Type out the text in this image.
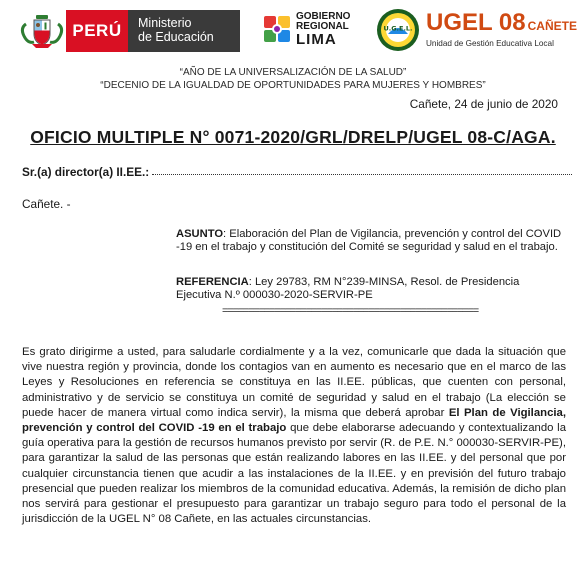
PERÚ	Ministerio
de Educación
GOBIERNO
REGIONAL
LIMA
U.G.E.L. UGEL 08 CAÑETE
Unidad de Gestión Educativa Local
“AÑO DE LA UNIVERSALIZACIÓN DE LA SALUD”
“DECENIO DE LA IGUALDAD DE OPORTUNIDADES PARA MUJERES Y HOMBRES”
Cañete, 24 de junio de 2020
OFICIO MULTIPLE N° 0071-2020/GRL/DRELP/UGEL 08-C/AGA.
Sr.(a) director(a) II.EE.:
Cañete. -
ASUNTO: Elaboración del Plan de Vigilancia, prevención y control del COVID -19 en el trabajo y constitución del Comité se seguridad y salud en el trabajo.
REFERENCIA: Ley 29783, RM N°239-MINSA, Resol. de Presidencia Ejecutiva N.º 000030-2020-SERVIR-PE
=================================================
Es grato dirigirme a usted, para saludarle cordialmente y a la vez, comunicarle que dada la situación que vive nuestra región y provincia, donde los contagios van en aumento es necesario que en el marco de las Leyes y Resoluciones en referencia se constituya en las II.EE. públicas, que cuenten con personal, administrativo y de servicio se constituya un comité de seguridad y salud en el trabajo (La elección se puede hacer de manera virtual como indica servir), la misma que deberá aprobar El Plan de Vigilancia, prevención y control del COVID -19 en el trabajo que debe elaborarse adecuando y contextualizando la guía operativa para la gestión de recursos humanos previsto por servir (R. de P.E. N.° 000030-SERVIR-PE), para garantizar la salud de las personas que están realizando labores en las II.EE. y del personal que por cualquier circunstancia tienen que acudir a las instalaciones de la II.EE. y en previsión del futuro trabajo presencial que pueden realizar los miembros de la comunidad educativa. Además, la remisión de dicho plan nos servirá para gestionar el presupuesto para garantizar un trabajo seguro para todo el personal de la jurisdicción de la UGEL N° 08 Cañete, en las actuales circunstancias.
